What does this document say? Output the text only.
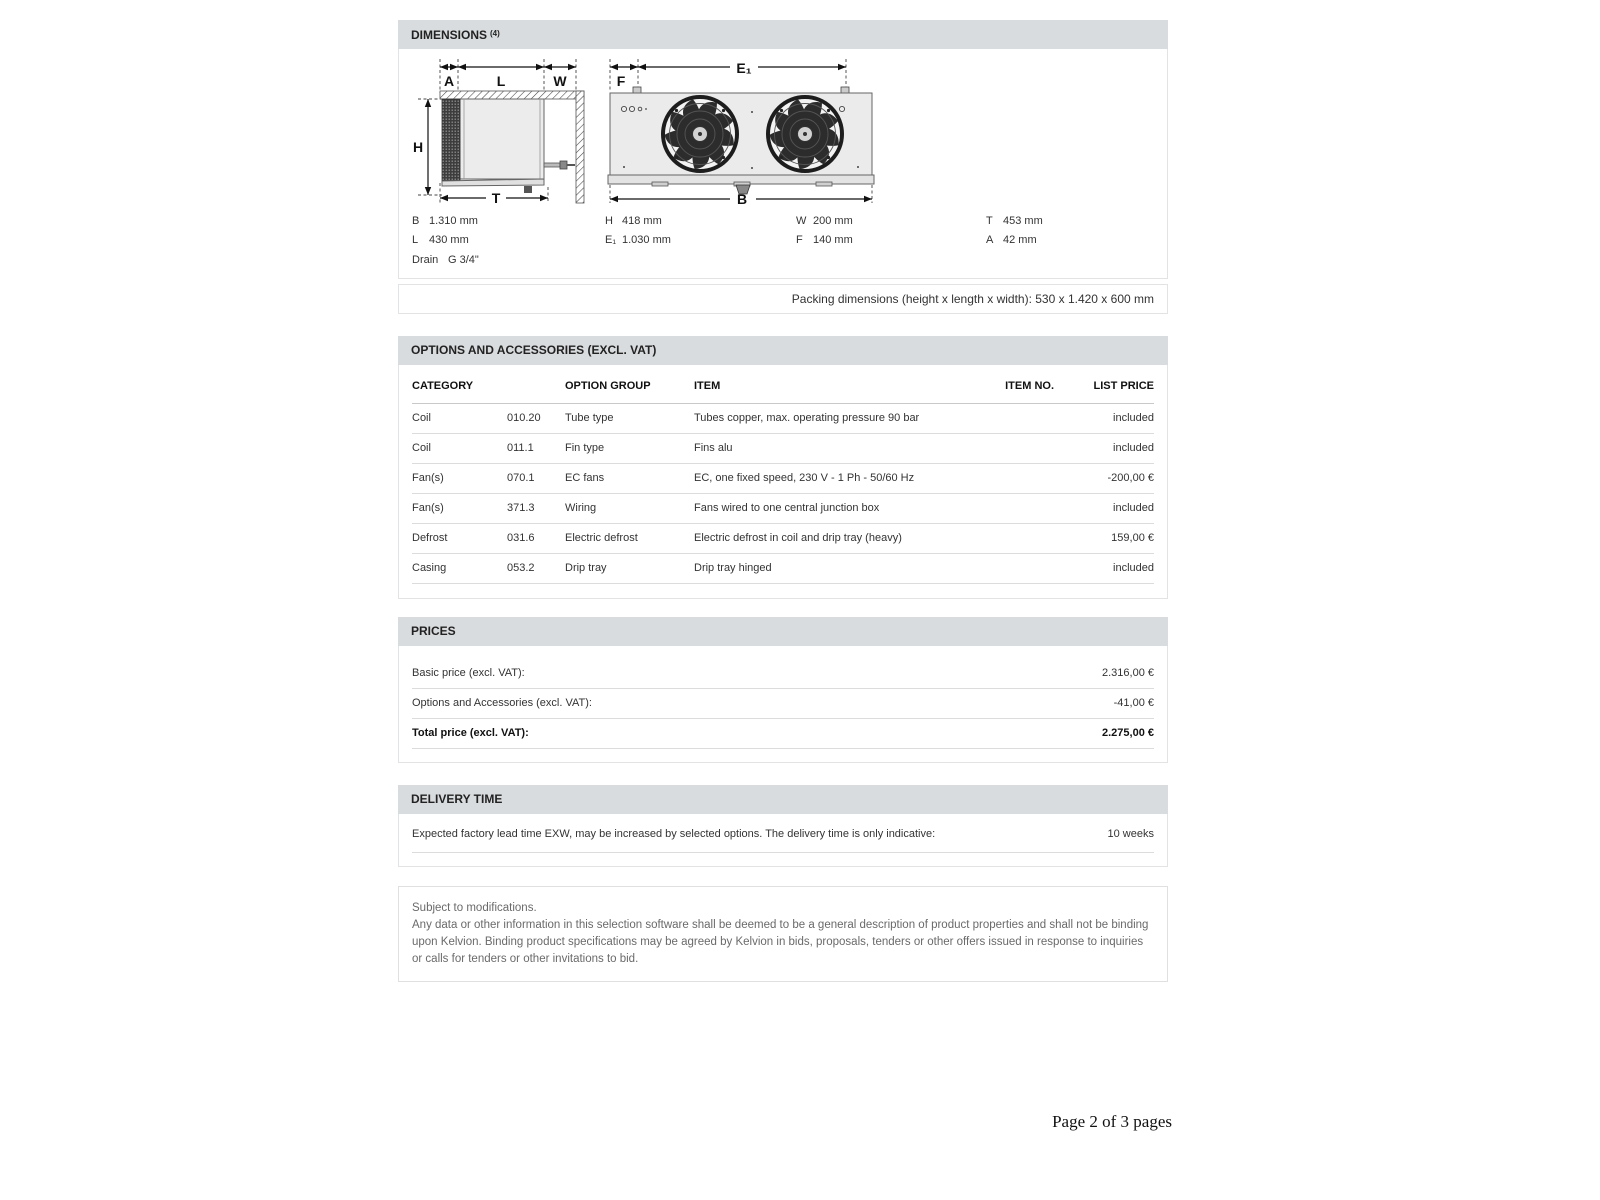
DIMENSIONS (4)
A	L	W
H
T
F
E₁
B
B 1.310 mm	H 418 mm	W 200 mm	T 453 mm
L 430 mm	E₁ 1.030 mm	F 140 mm	A 42 mm
Drain G 3/4"
Packing dimensions (height x length x width): 530 x 1.420 x 600 mm
OPTIONS AND ACCESSORIES (EXCL. VAT)
CATEGORY	OPTION GROUP	ITEM	ITEM NO.	LIST PRICE
Coil	010.20	Tube type	Tubes copper, max. operating pressure 90 bar	included
Coil	011.1	Fin type	Fins alu	included
Fan(s)	070.1	EC fans	EC, one fixed speed, 230 V - 1 Ph - 50/60 Hz	-200,00 €
Fan(s)	371.3	Wiring	Fans wired to one central junction box	included
Defrost	031.6	Electric defrost	Electric defrost in coil and drip tray (heavy)	159,00 €
Casing	053.2	Drip tray	Drip tray hinged	included
PRICES
Basic price (excl. VAT):	2.316,00 €
Options and Accessories (excl. VAT):	-41,00 €
Total price (excl. VAT):	2.275,00 €
DELIVERY TIME
Expected factory lead time EXW, may be increased by selected options. The delivery time is only indicative:	10 weeks
Subject to modifications.
Any data or other information in this selection software shall be deemed to be a general description of product properties and shall not be binding upon Kelvion. Binding product specifications may be agreed by Kelvion in bids, proposals, tenders or other offers issued in response to inquiries or calls for tenders or other invitations to bid.
Page 2 of 3 pages
